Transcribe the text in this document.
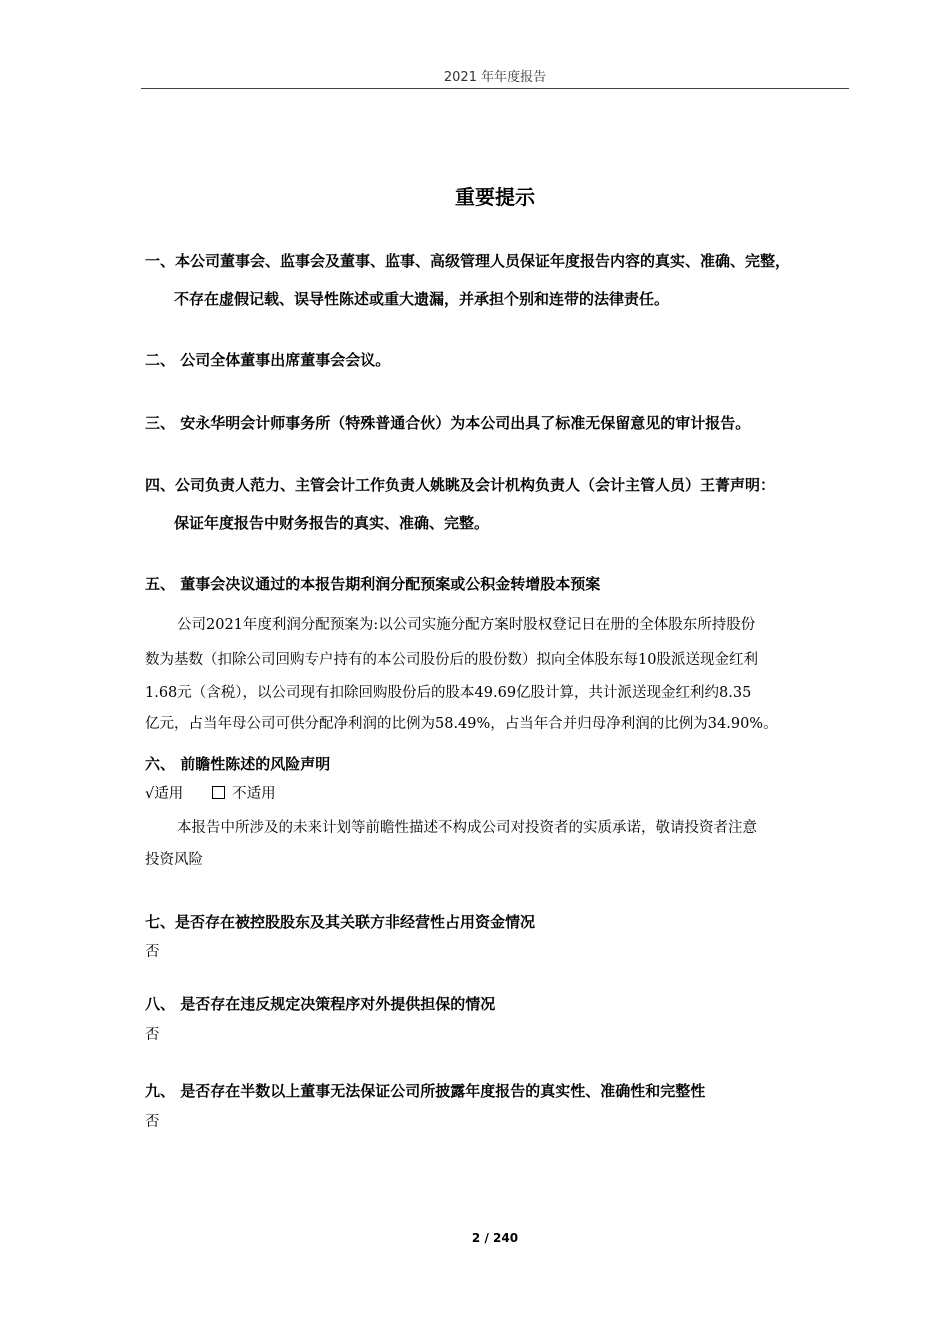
2021 年年度报告
重要提示
一、本公司董事会、监事会及董事、监事、高级管理人员保证年度报告内容的真实、准确、完整，
不存在虚假记载、误导性陈述或重大遗漏，并承担个别和连带的法律责任。
二、 公司全体董事出席董事会会议。
三、 安永华明会计师事务所（特殊普通合伙）为本公司出具了标准无保留意见的审计报告。
四、公司负责人范力、主管会计工作负责人姚眺及会计机构负责人（会计主管人员）王菁声明：
保证年度报告中财务报告的真实、准确、完整。
五、 董事会决议通过的本报告期利润分配预案或公积金转增股本预案
公司2021年度利润分配预案为:以公司实施分配方案时股权登记日在册的全体股东所持股份
数为基数（扣除公司回购专户持有的本公司股份后的股份数）拟向全体股东每10股派送现金红利
1.68元（含税），以公司现有扣除回购股份后的股本49.69亿股计算，共计派送现金红利约8.35
亿元，占当年母公司可供分配净利润的比例为58.49%，占当年合并归母净利润的比例为34.90%。
六、 前瞻性陈述的风险声明
√适用	不适用
本报告中所涉及的未来计划等前瞻性描述不构成公司对投资者的实质承诺，敬请投资者注意
投资风险
七、是否存在被控股股东及其关联方非经营性占用资金情况
否
八、 是否存在违反规定决策程序对外提供担保的情况
否
九、 是否存在半数以上董事无法保证公司所披露年度报告的真实性、准确性和完整性
否
2 / 240
